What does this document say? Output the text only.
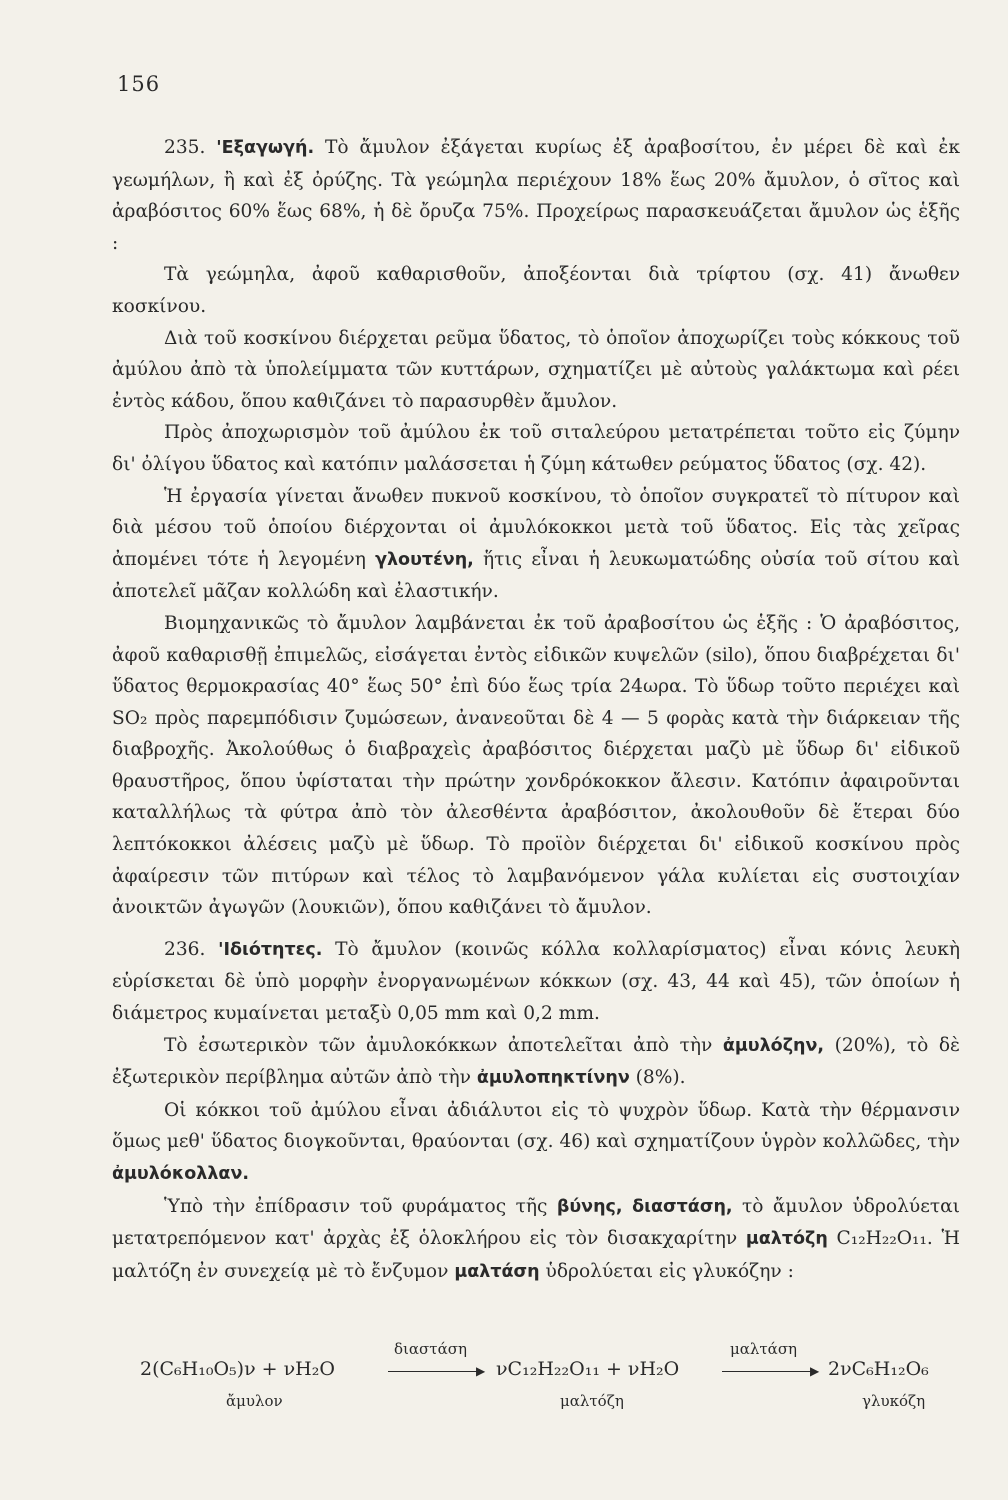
156

235. 'Εξαγωγή. Τὸ ἄμυλον ἐξάγεται κυρίως ἐξ ἀραβοσίτου, ἐν μέρει δὲ καὶ ἐκ γεωμήλων, ἢ καὶ ἐξ ὀρύζης. Τὰ γεώμηλα περιέχουν 18% ἕως 20% ἄμυλον, ὁ σῖτος καὶ ἀραβόσιτος 60% ἕως 68%, ἡ δὲ ὄρυζα 75%. Προχείρως παρασκευάζεται ἄμυλον ὡς ἑξῆς :

Τὰ γεώμηλα, ἀφοῦ καθαρισθοῦν, ἀποξέονται διὰ τρίφτου (σχ. 41) ἄνωθεν κοσκίνου.

Διὰ τοῦ κοσκίνου διέρχεται ρεῦμα ὕδατος, τὸ ὁποῖον ἀποχωρίζει τοὺς κόκκους τοῦ ἀμύλου ἀπὸ τὰ ὑπολείμματα τῶν κυττάρων, σχηματίζει μὲ αὐτοὺς γαλάκτωμα καὶ ρέει ἐντὸς κάδου, ὅπου καθιζάνει τὸ παρασυρθὲν ἄμυλον.

Πρὸς ἀποχωρισμὸν τοῦ ἀμύλου ἐκ τοῦ σιταλεύρου μετατρέπεται τοῦτο εἰς ζύμην δι' ὀλίγου ὕδατος καὶ κατόπιν μαλάσσεται ἡ ζύμη κάτωθεν ρεύματος ὕδατος (σχ. 42).

Ἡ ἐργασία γίνεται ἄνωθεν πυκνοῦ κοσκίνου, τὸ ὁποῖον συγκρατεῖ τὸ πίτυρον καὶ διὰ μέσου τοῦ ὁποίου διέρχονται οἱ ἀμυλόκοκκοι μετὰ τοῦ ὕδατος. Εἰς τὰς χεῖρας ἀπομένει τότε ἡ λεγομένη γλουτένη, ἥτις εἶναι ἡ λευκωματώδης οὐσία τοῦ σίτου καὶ ἀποτελεῖ μᾶζαν κολλώδη καὶ ἐλαστικήν.

Βιομηχανικῶς τὸ ἄμυλον λαμβάνεται ἐκ τοῦ ἀραβοσίτου ὡς ἑξῆς : Ὁ ἀραβόσιτος, ἀφοῦ καθαρισθῇ ἐπιμελῶς, εἰσάγεται ἐντὸς εἰδικῶν κυψελῶν (silo), ὅπου διαβρέχεται δι' ὕδατος θερμοκρασίας 40° ἕως 50° ἐπὶ δύο ἕως τρία 24ωρα. Τὸ ὕδωρ τοῦτο περιέχει καὶ SO₂ πρὸς παρεμπόδισιν ζυμώσεων, ἀνανεοῦται δὲ 4 — 5 φορὰς κατὰ τὴν διάρκειαν τῆς διαβροχῆς. Ἀκολούθως ὁ διαβραχεὶς ἀραβόσιτος διέρχεται μαζὺ μὲ ὕδωρ δι' εἰδικοῦ θραυστῆρος, ὅπου ὑφίσταται τὴν πρώτην χονδρόκοκκον ἄλεσιν. Κατόπιν ἀφαιροῦνται καταλλήλως τὰ φύτρα ἀπὸ τὸν ἀλεσθέντα ἀραβόσιτον, ἀκολουθοῦν δὲ ἕτεραι δύο λεπτόκοκκοι ἀλέσεις μαζὺ μὲ ὕδωρ. Τὸ προϊὸν διέρχεται δι' εἰδικοῦ κοσκίνου πρὸς ἀφαίρεσιν τῶν πιτύρων καὶ τέλος τὸ λαμβανόμενον γάλα κυλίεται εἰς συστοιχίαν ἀνοικτῶν ἀγωγῶν (λουκιῶν), ὅπου καθιζάνει τὸ ἄμυλον.

236. 'Ιδιότητες. Τὸ ἄμυλον (κοινῶς κόλλα κολλαρίσματος) εἶναι κόνις λευκὴ εὑρίσκεται δὲ ὑπὸ μορφὴν ἐνοργανωμένων κόκκων (σχ. 43, 44 καὶ 45), τῶν ὁποίων ἡ διάμετρος κυμαίνεται μεταξὺ 0,05 mm καὶ 0,2 mm.

Τὸ ἐσωτερικὸν τῶν ἀμυλοκόκκων ἀποτελεῖται ἀπὸ τὴν ἀμυλόζην, (20%), τὸ δὲ ἐξωτερικὸν περίβλημα αὐτῶν ἀπὸ τὴν ἀμυλοπηκτίνην (8%).

Οἱ κόκκοι τοῦ ἀμύλου εἶναι ἀδιάλυτοι εἰς τὸ ψυχρὸν ὕδωρ. Κατὰ τὴν θέρμανσιν ὅμως μεθ' ὕδατος διογκοῦνται, θραύονται (σχ. 46) καὶ σχηματίζουν ὑγρὸν κολλῶδες, τὴν ἀμυλόκολλαν.

Ὑπὸ τὴν ἐπίδρασιν τοῦ φυράματος τῆς βύνης, διαστάση, τὸ ἄμυλον ὑδρολύεται μετατρεπόμενον κατ' ἀρχὰς ἐξ ὁλοκλήρου εἰς τὸν δισακχαρίτην μαλτόζη C₁₂H₂₂O₁₁. Ἡ μαλτόζη ἐν συνεχείᾳ μὲ τὸ ἔνζυμον μαλτάση ὑδρολύεται εἰς γλυκόζην :

2(C₆H₁₀O₅)ν + νH₂O
ἄμυλον
διαστάση
▶ νC₁₂H₂₂O₁₁ + νH₂O
μαλτόζη
μαλτάση
▶ 2νC₆H₁₂O₆
γλυκόζη
